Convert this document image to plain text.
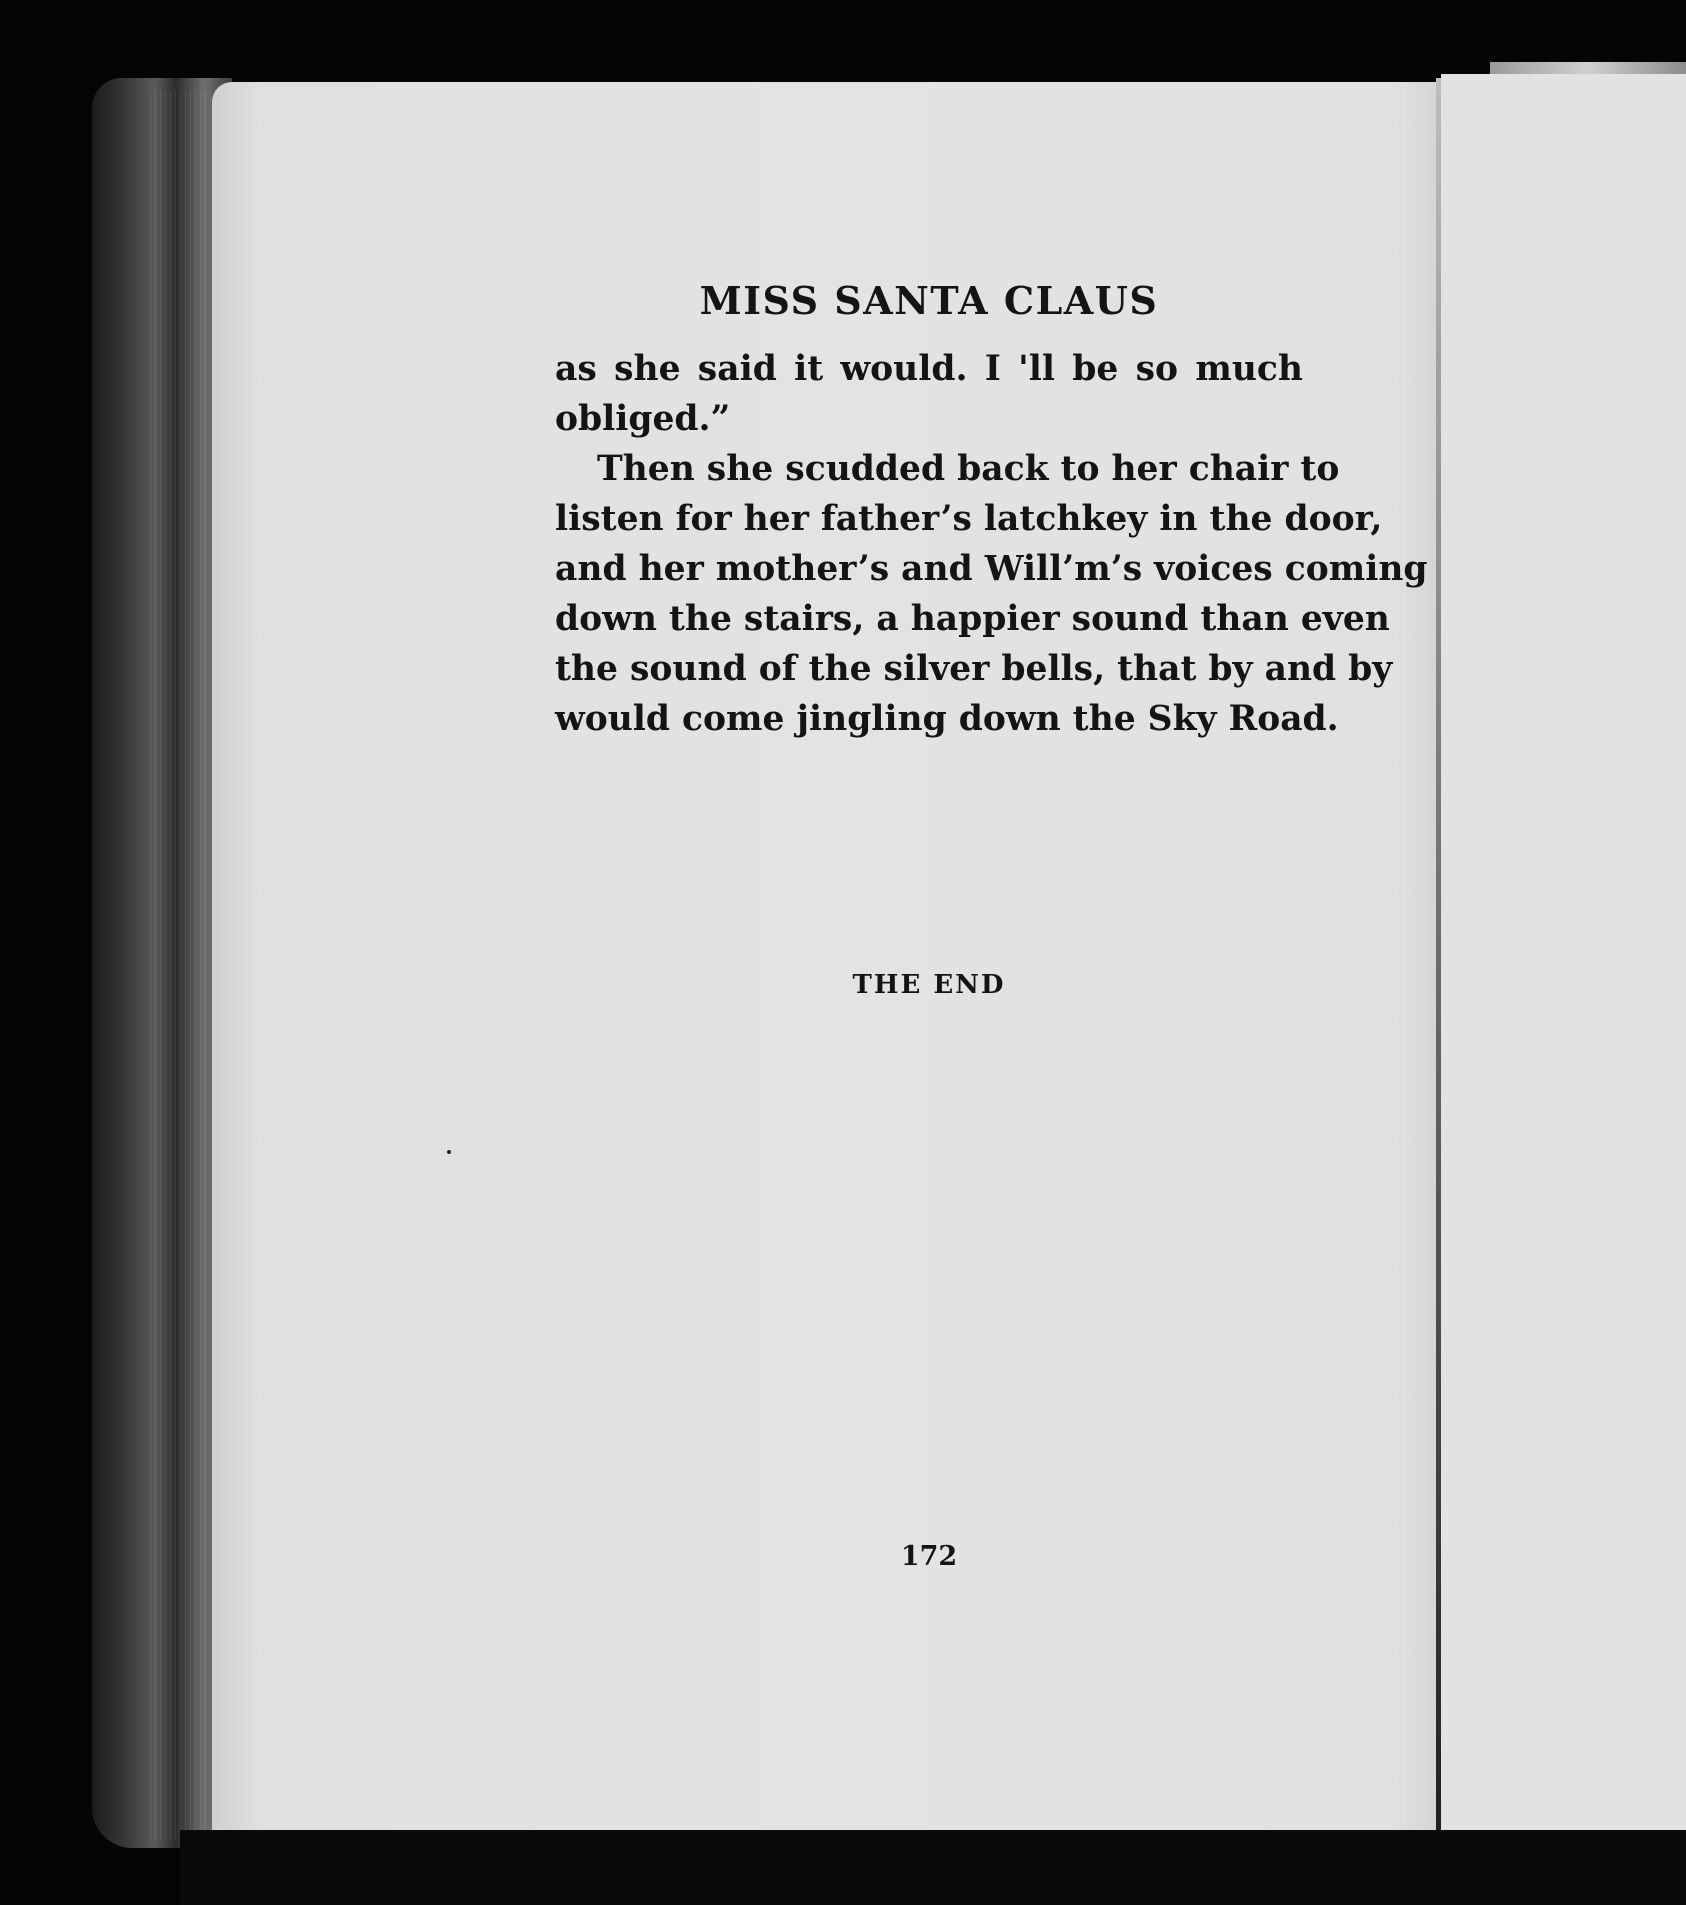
MISS SANTA CLAUS
as she said it would. I 'll be so much
obliged.”
Then she scudded back to her chair to
listen for her father’s latchkey in the door,
and her mother’s and Will’m’s voices coming
down the stairs, a happier sound than even
the sound of the silver bells, that by and by
would come jingling down the Sky Road.
THE END
172
